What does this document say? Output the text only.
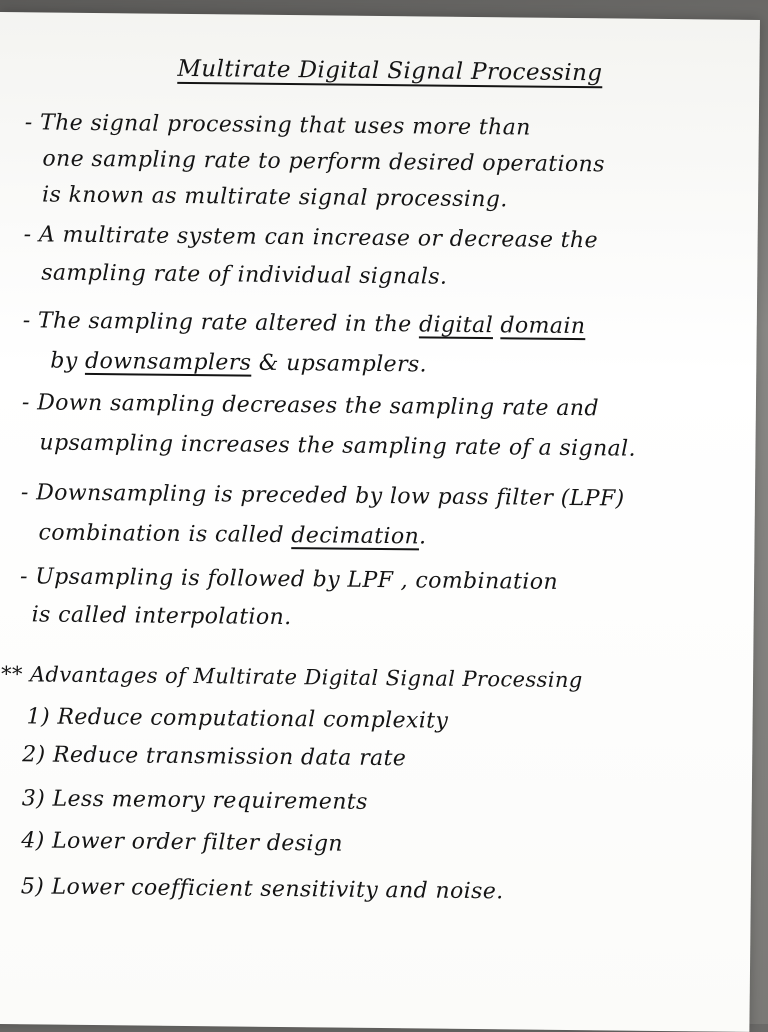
Multirate Digital Signal Processing
- The signal processing that uses more than
one sampling rate to perform desired operations
is known as multirate signal processing.
- A multirate system can increase or decrease the
sampling rate of individual signals.
- The sampling rate altered in the digital domain
by downsamplers & upsamplers.
- Down sampling decreases the sampling rate and
upsampling increases the sampling rate of a signal.
- Downsampling is preceded by low pass filter (LPF)
combination is called decimation.
- Upsampling is followed by LPF , combination
is called interpolation.
** Advantages of Multirate Digital Signal Processing
1) Reduce computational complexity
2) Reduce transmission data rate
3) Less memory requirements
4) Lower order filter design
5) Lower coefficient sensitivity and noise.
